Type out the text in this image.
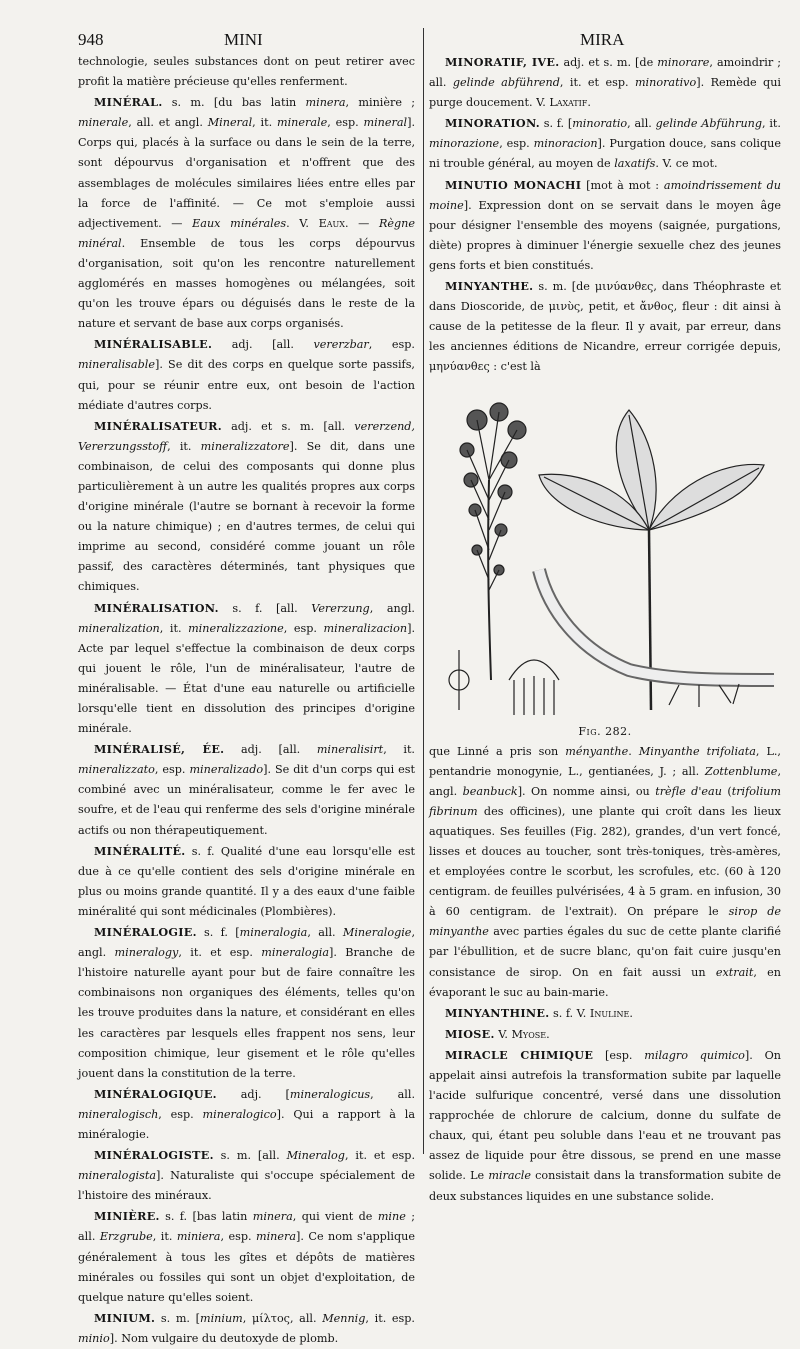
948	MINI	MIRA

technologie, seules substances dont on peut retirer avec profit la matière précieuse qu'elles renferment.

MINÉRAL. s. m. [du bas latin minera, minière ; minerale, all. et angl. Mineral, it. minerale, esp. mineral]. Corps qui, placés à la surface ou dans le sein de la terre, sont dépourvus d'organisation et n'offrent que des assemblages de molécules similaires liées entre elles par la force de l'affinité. — Ce mot s'emploie aussi adjectivement. — Eaux minérales. V. Eaux. — Règne minéral. Ensemble de tous les corps dépourvus d'organisation, soit qu'on les rencontre naturellement agglomérés en masses homogènes ou mélangées, soit qu'on les trouve épars ou déguisés dans le reste de la nature et servant de base aux corps organisés.

MINÉRALISABLE. adj. [all. vererzbar, esp. mineralisable]. Se dit des corps en quelque sorte passifs, qui, pour se réunir entre eux, ont besoin de l'action médiate d'autres corps.

MINÉRALISATEUR. adj. et s. m. [all. vererzend, Vererzungsstoff, it. mineralizzatore]. Se dit, dans une combinaison, de celui des composants qui donne plus particulièrement à un autre les qualités propres aux corps d'origine minérale (l'autre se bornant à recevoir la forme ou la nature chimique) ; en d'autres termes, de celui qui imprime au second, considéré comme jouant un rôle passif, des caractères déterminés, tant physiques que chimiques.

MINÉRALISATION. s. f. [all. Vererzung, angl. mineralization, it. mineralizzazione, esp. mineralizacion]. Acte par lequel s'effectue la combinaison de deux corps qui jouent le rôle, l'un de minéralisateur, l'autre de minéralisable. — État d'une eau naturelle ou artificielle lorsqu'elle tient en dissolution des principes d'origine minérale.

MINÉRALISÉ, ÉE. adj. [all. mineralisirt, it. mineralizzato, esp. mineralizado]. Se dit d'un corps qui est combiné avec un minéralisateur, comme le fer avec le soufre, et de l'eau qui renferme des sels d'origine minérale actifs ou non thérapeutiquement.

MINÉRALITÉ. s. f. Qualité d'une eau lorsqu'elle est due à ce qu'elle contient des sels d'origine minérale en plus ou moins grande quantité. Il y a des eaux d'une faible minéralité qui sont médicinales (Plombières).

MINÉRALOGIE. s. f. [mineralogia, all. Mineralogie, angl. mineralogy, it. et esp. mineralogia]. Branche de l'histoire naturelle ayant pour but de faire connaître les combinaisons non organiques des éléments, telles qu'on les trouve produites dans la nature, et considérant en elles les caractères par lesquels elles frappent nos sens, leur composition chimique, leur gisement et le rôle qu'elles jouent dans la constitution de la terre.

MINÉRALOGIQUE. adj. [mineralogicus, all. mineralogisch, esp. mineralogico]. Qui a rapport à la minéralogie.

MINÉRALOGISTE. s. m. [all. Mineralog, it. et esp. mineralogista]. Naturaliste qui s'occupe spécialement de l'histoire des minéraux.

MINIÈRE. s. f. [bas latin minera, qui vient de mine ; all. Erzgrube, it. miniera, esp. minera]. Ce nom s'applique généralement à tous les gîtes et dépôts de matières minérales ou fossiles qui sont un objet d'exploitation, de quelque nature qu'elles soient.

MINIUM. s. m. [minium, μίλτος, all. Mennig, it. esp. minio]. Nom vulgaire du deutoxyde de plomb.

MINORATIF, IVE. adj. et s. m. [de minorare, amoindrir ; all. gelinde abführend, it. et esp. minorativo]. Remède qui purge doucement. V. Laxatif.

MINORATION. s. f. [minoratio, all. gelinde Abführung, it. minorazione, esp. minoracion]. Purgation douce, sans colique ni trouble général, au moyen de laxatifs. V. ce mot.

MINUTIO MONACHI [mot à mot : amoindrissement du moine]. Expression dont on se servait dans le moyen âge pour désigner l'ensemble des moyens (saignée, purgations, diète) propres à diminuer l'énergie sexuelle chez des jeunes gens forts et bien constitués.

MINYANTHE. s. m. [de μινύανθες, dans Théophraste et dans Dioscoride, de μινὺς, petit, et ἄνθος, fleur : dit ainsi à cause de la petitesse de la fleur. Il y avait, par erreur, dans les anciennes éditions de Nicandre, erreur corrigée depuis, μηνύανθες : c'est là

Fig. 282.

que Linné a pris son ményanthe. Minyanthe trifoliata, L., pentandrie monogynie, L., gentianées, J. ; all. Zottenblume, angl. beanbuck]. On nomme ainsi, ou trèfle d'eau (trifolium fibrinum des officines), une plante qui croît dans les lieux aquatiques. Ses feuilles (Fig. 282), grandes, d'un vert foncé, lisses et douces au toucher, sont très-toniques, très-amères, et employées contre le scorbut, les scrofules, etc. (60 à 120 centigram. de feuilles pulvérisées, 4 à 5 gram. en infusion, 30 à 60 centigram. de l'extrait). On prépare le sirop de minyanthe avec parties égales du suc de cette plante clarifié par l'ébullition, et de sucre blanc, qu'on fait cuire jusqu'en consistance de sirop. On en fait aussi un extrait, en évaporant le suc au bain-marie.

MINYANTHINE. s. f. V. Inuline.

MIOSE. V. Myose.

MIRACLE CHIMIQUE [esp. milagro quimico]. On appelait ainsi autrefois la transformation subite par laquelle l'acide sulfurique concentré, versé dans une dissolution rapprochée de chlorure de calcium, donne du sulfate de chaux, qui, étant peu soluble dans l'eau et ne trouvant pas assez de liquide pour être dissous, se prend en une masse solide. Le miracle consistait dans la transformation subite de deux substances liquides en une substance solide.
